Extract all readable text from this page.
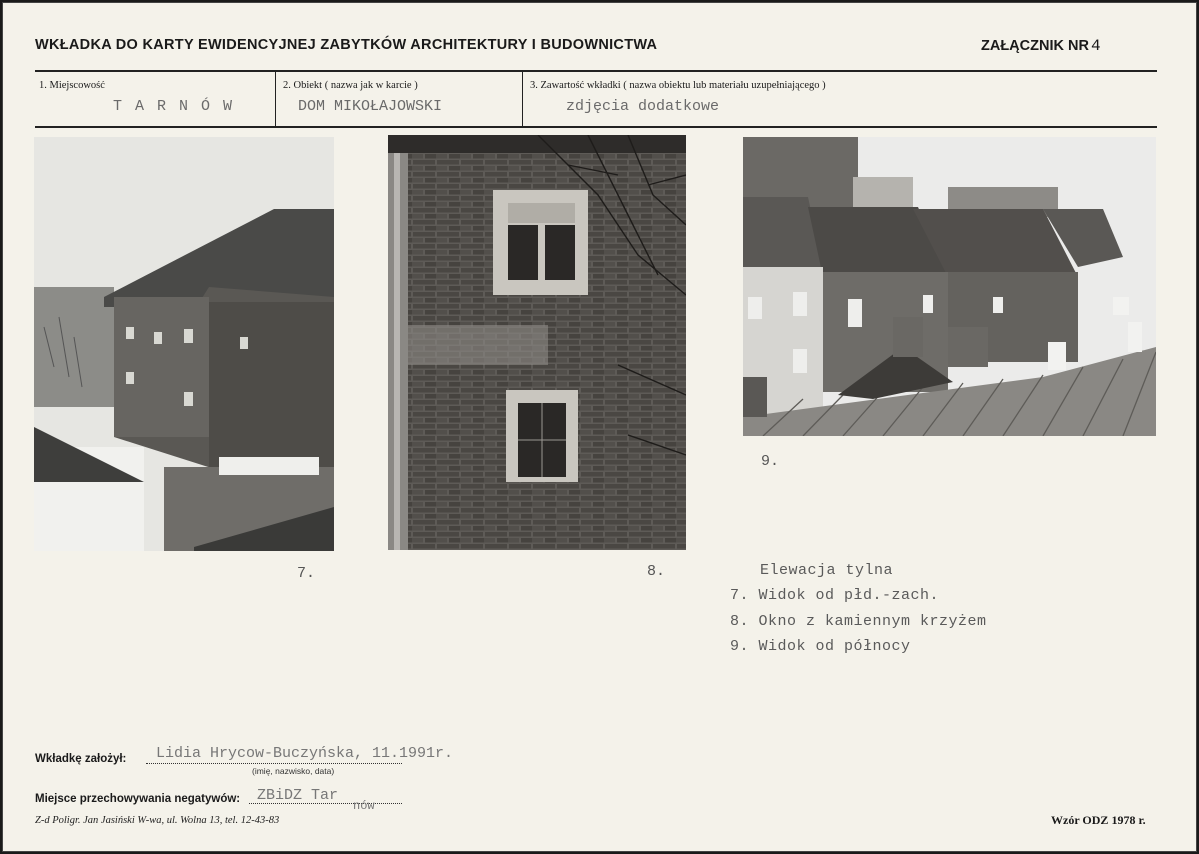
WKŁADKA DO KARTY EWIDENCYJNEJ ZABYTKÓW ARCHITEKTURY I BUDOWNICTWA	ZAŁĄCZNIK NR 4
1. Miejscowość
T A R N Ó W
2. Obiekt ( nazwa jak w karcie )
DOM MIKOŁAJOWSKI
3. Zawartość wkładki ( nazwa obiektu lub materiału uzupełniającego )
zdjęcia dodatkowe
7.	8.
9.
Elewacja tylna
7. Widok od płd.-zach.
8. Okno z kamiennym krzyżem
9. Widok od północy
Wkładkę założył: Lidia Hrycow-Buczyńska, 11.1991r.
(imię, nazwisko, data)
Miejsce przechowywania negatywów: ZBiDZ Tar
nów
Z-d Poligr. Jan Jasiński W-wa, ul. Wolna 13, tel. 12-43-83	Wzór ODZ 1978 r.
